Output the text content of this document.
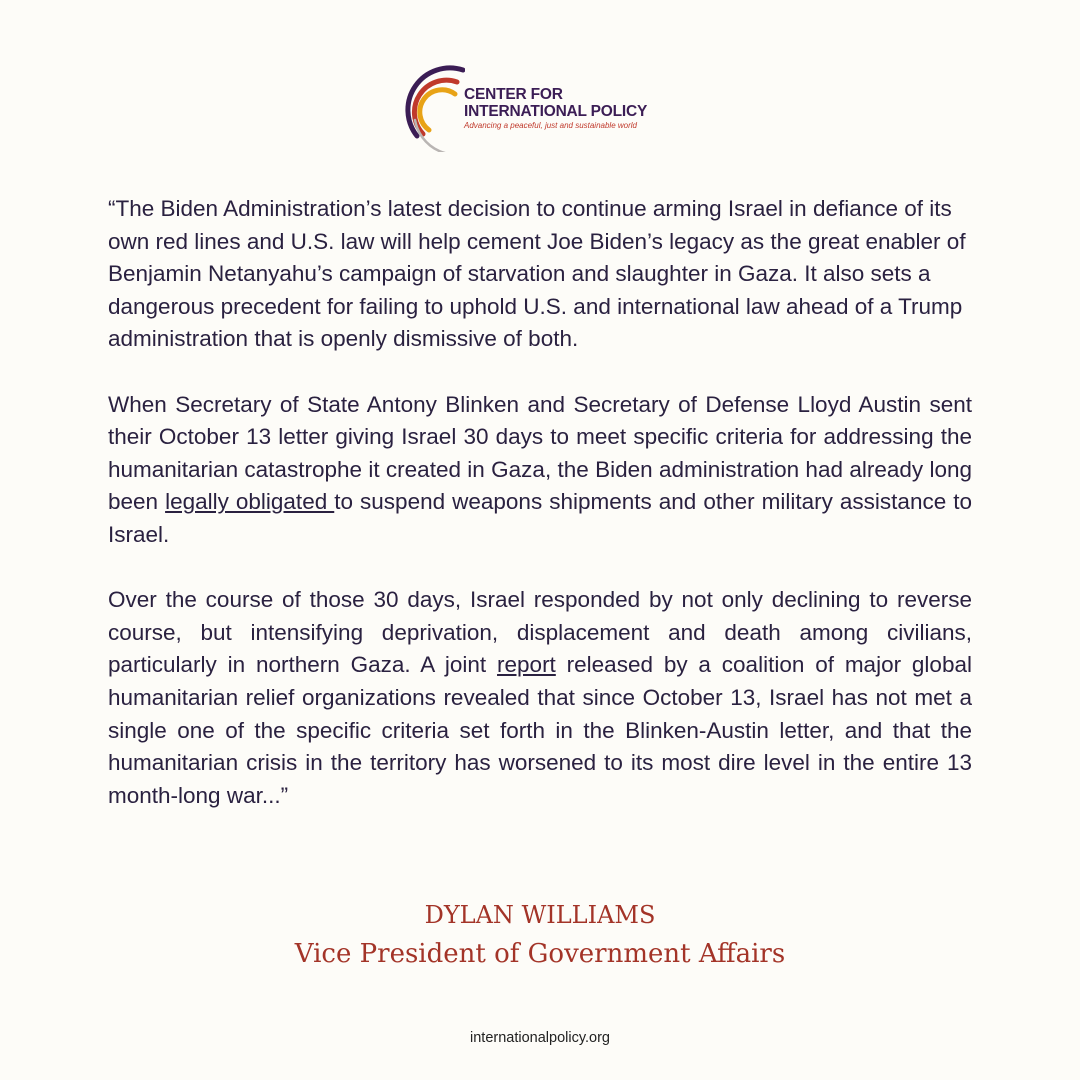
CENTER FOR
INTERNATIONAL POLICY
Advancing a peaceful, just and sustainable world

“The Biden Administration’s latest decision to continue arming Israel in defiance of its own red lines and U.S. law will help cement Joe Biden’s legacy as the great enabler of Benjamin Netanyahu’s campaign of starvation and slaughter in Gaza. It also sets a dangerous precedent for failing to uphold U.S. and international law ahead of a Trump administration that is openly dismissive of both.

When Secretary of State Antony Blinken and Secretary of Defense Lloyd Austin sent their October 13 letter giving Israel 30 days to meet specific criteria for addressing the humanitarian catastrophe it created in Gaza, the Biden administration had already long been legally obligated to suspend weapons shipments and other military assistance to Israel.

Over the course of those 30 days, Israel responded by not only declining to reverse course, but intensifying deprivation, displacement and death among civilians, particularly in northern Gaza. A joint report released by a coalition of major global humanitarian relief organizations revealed that since October 13, Israel has not met a single one of the specific criteria set forth in the Blinken-Austin letter, and that the humanitarian crisis in the territory has worsened to its most dire level in the entire 13 month-long war...”

DYLAN WILLIAMS
Vice President of Government Affairs
internationalpolicy.org
